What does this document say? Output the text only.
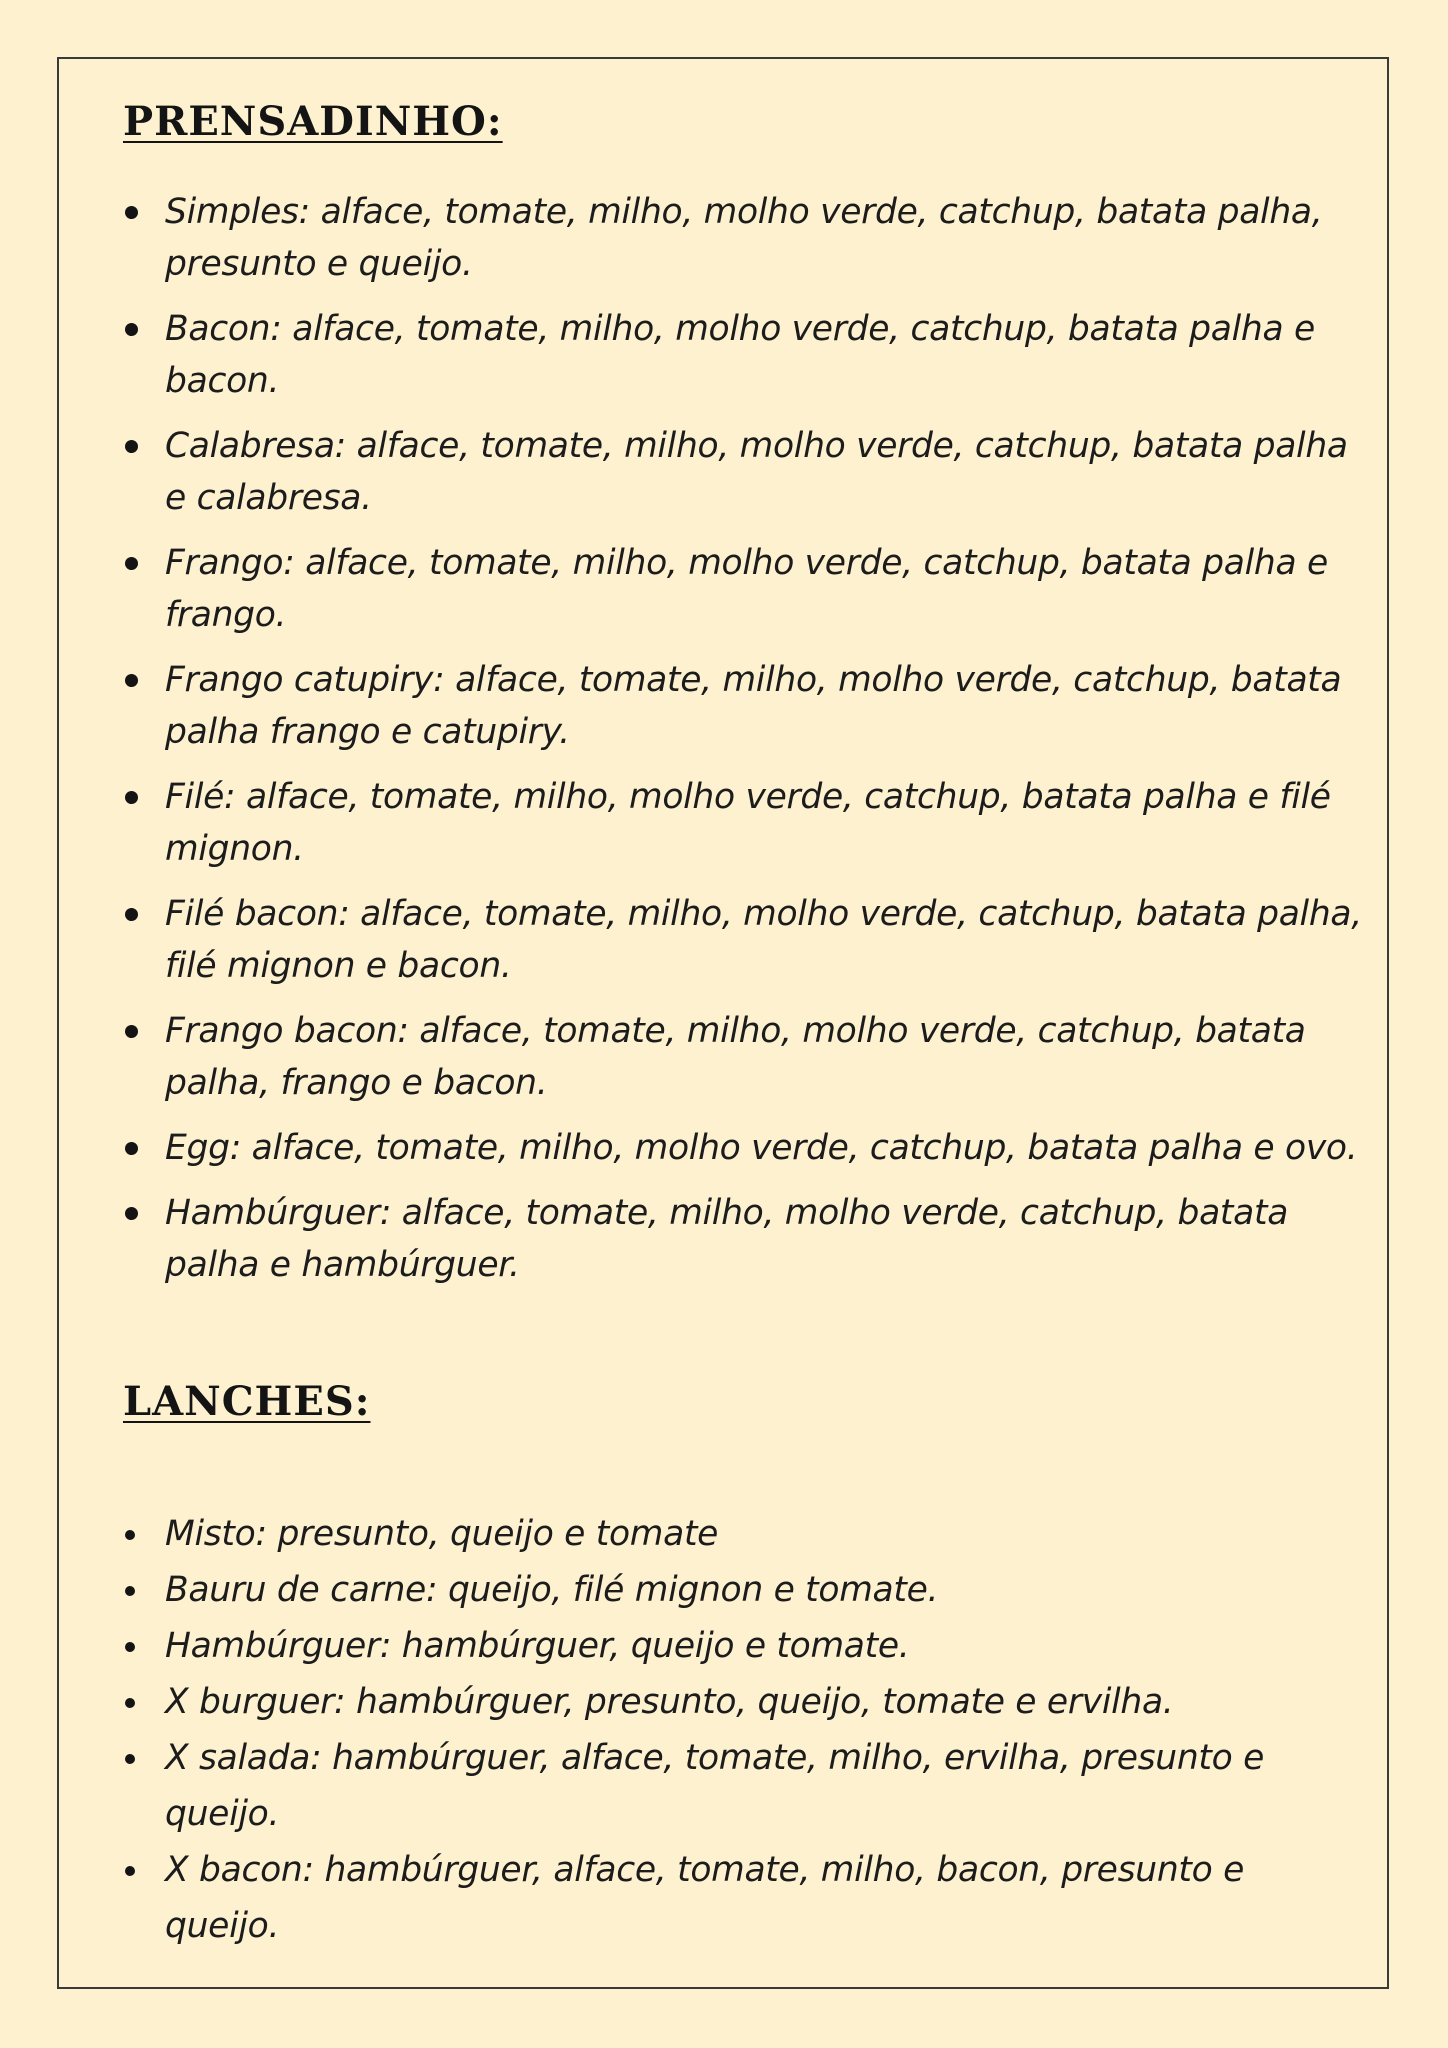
PRENSADINHO:
Simples: alface, tomate, milho, molho verde, catchup, batata palha, presunto e queijo.
Bacon: alface, tomate, milho, molho verde, catchup, batata palha e bacon.
Calabresa: alface, tomate, milho, molho verde, catchup, batata palha e calabresa.
Frango: alface, tomate, milho, molho verde, catchup, batata palha e frango.
Frango catupiry: alface, tomate, milho, molho verde, catchup, batata palha frango e catupiry.
Filé: alface, tomate, milho, molho verde, catchup, batata palha e filé mignon.
Filé bacon: alface, tomate, milho, molho verde, catchup, batata palha, filé mignon e bacon.
Frango bacon: alface, tomate, milho, molho verde, catchup, batata palha, frango e bacon.
Egg: alface, tomate, milho, molho verde, catchup, batata palha e ovo.
Hambúrguer: alface, tomate, milho, molho verde, catchup, batata palha e hambúrguer.
LANCHES:
Misto: presunto, queijo e tomate
Bauru de carne: queijo, filé mignon e tomate.
Hambúrguer: hambúrguer, queijo e tomate.
X burguer: hambúrguer, presunto, queijo, tomate e ervilha.
X salada: hambúrguer, alface, tomate, milho, ervilha, presunto e queijo.
X bacon: hambúrguer, alface, tomate, milho, bacon, presunto e queijo.
